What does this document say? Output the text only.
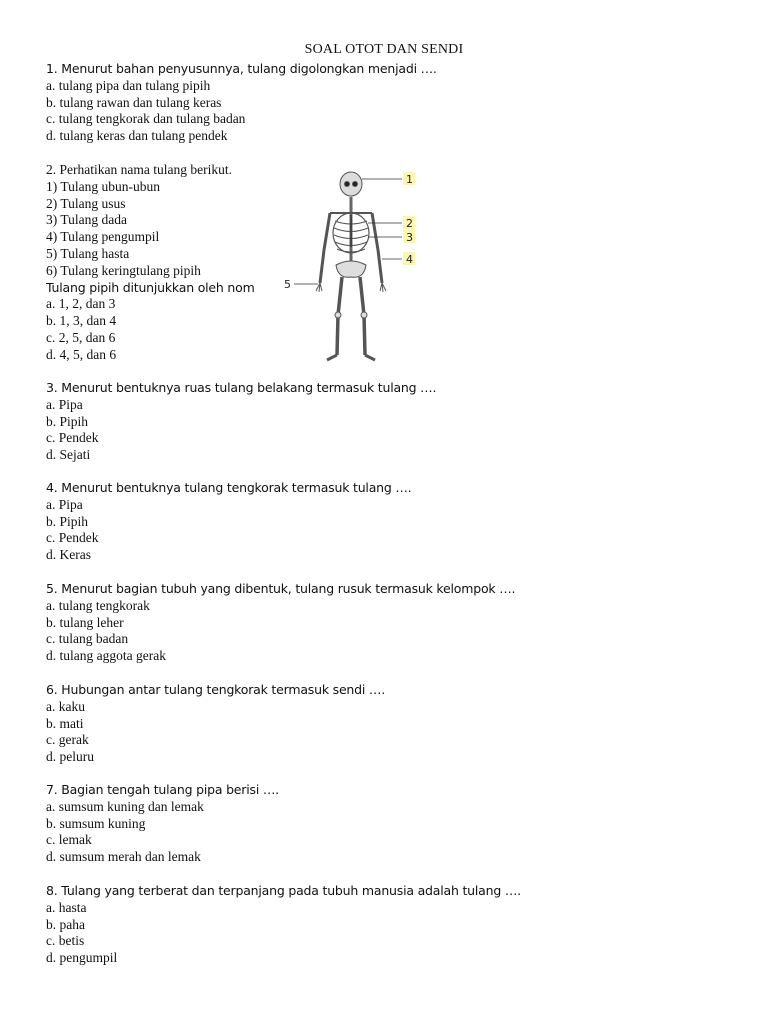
SOAL OTOT DAN SENDI
1. Menurut bahan penyusunnya, tulang digolongkan menjadi ….
a. tulang pipa dan tulang pipih
b. tulang rawan dan tulang keras
c. tulang tengkorak dan tulang badan
d. tulang keras dan tulang pendek
2. Perhatikan nama tulang berikut.
1) Tulang ubun-ubun
2) Tulang usus
3) Tulang dada
4) Tulang pengumpil
5) Tulang hasta
6) Tulang keringtulang pipih
Tulang pipih ditunjukkan oleh nom
a. 1, 2, dan 3
b. 1, 3, dan 4
c. 2, 5, dan 6
d. 4, 5, dan 6
1
2
3
4
5
3. Menurut bentuknya ruas tulang belakang termasuk tulang ….
a. Pipa
b. Pipih
c. Pendek
d. Sejati
4. Menurut bentuknya tulang tengkorak termasuk tulang ….
a. Pipa
b. Pipih
c. Pendek
d. Keras
5. Menurut bagian tubuh yang dibentuk, tulang rusuk termasuk kelompok ….
a. tulang tengkorak
b. tulang leher
c. tulang badan
d. tulang aggota gerak
6. Hubungan antar tulang tengkorak termasuk sendi ….
a. kaku
b. mati
c. gerak
d. peluru
7. Bagian tengah tulang pipa berisi ….
a. sumsum kuning dan lemak
b. sumsum kuning
c. lemak
d. sumsum merah dan lemak
8. Tulang yang terberat dan terpanjang pada tubuh manusia adalah tulang ….
a. hasta
b. paha
c. betis
d. pengumpil
